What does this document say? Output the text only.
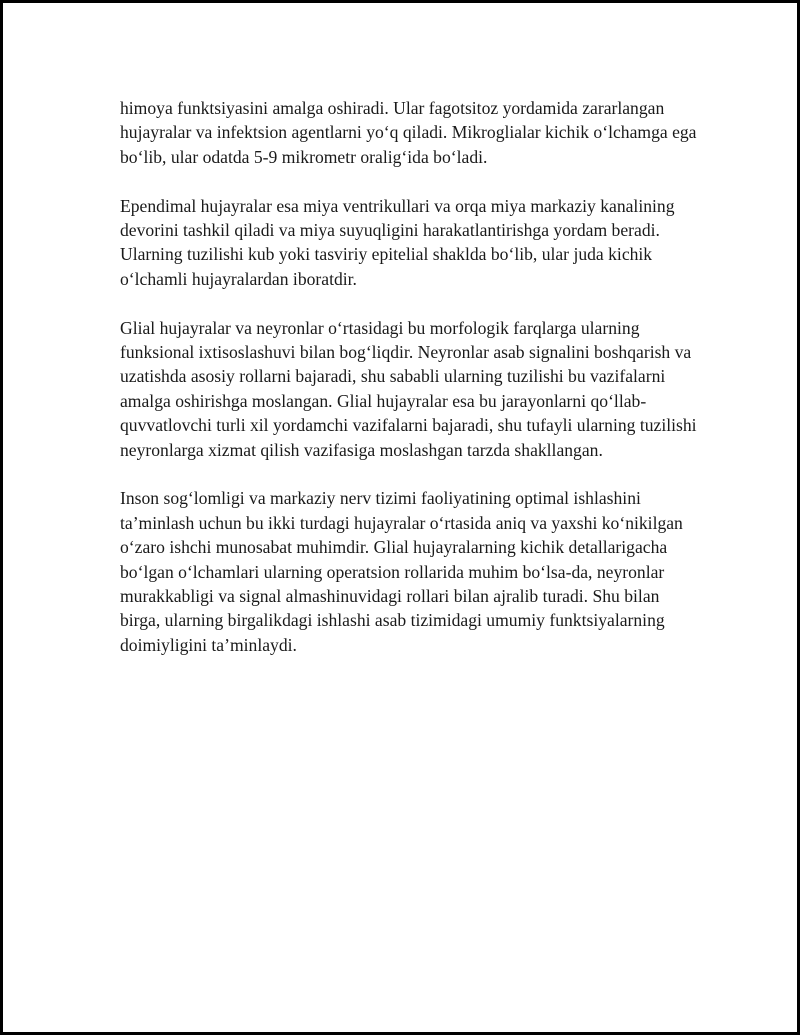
himoya funktsiyasini amalga oshiradi. Ular fagotsitoz yordamida zararlangan hujayralar va infektsion agentlarni yo‘q qiladi. Mikroglialar kichik o‘lchamga ega bo‘lib, ular odatda 5-9 mikrometr oralig‘ida bo‘ladi.

Ependimal hujayralar esa miya ventrikullari va orqa miya markaziy kanalining devorini tashkil qiladi va miya suyuqligini harakatlantirishga yordam beradi. Ularning tuzilishi kub yoki tasviriy epitelial shaklda bo‘lib, ular juda kichik o‘lchamli hujayralardan iboratdir.

Glial hujayralar va neyronlar o‘rtasidagi bu morfologik farqlarga ularning funksional ixtisoslashuvi bilan bog‘liqdir. Neyronlar asab signalini boshqarish va uzatishda asosiy rollarni bajaradi, shu sababli ularning tuzilishi bu vazifalarni amalga oshirishga moslangan. Glial hujayralar esa bu jarayonlarni qo‘llab-quvvatlovchi turli xil yordamchi vazifalarni bajaradi, shu tufayli ularning tuzilishi neyronlarga xizmat qilish vazifasiga moslashgan tarzda shakllangan.

Inson sog‘lomligi va markaziy nerv tizimi faoliyatining optimal ishlashini ta’minlash uchun bu ikki turdagi hujayralar o‘rtasida aniq va yaxshi ko‘nikilgan o‘zaro ishchi munosabat muhimdir. Glial hujayralarning kichik detallarigacha bo‘lgan o‘lchamlari ularning operatsion rollarida muhim bo‘lsa-da, neyronlar murakkabligi va signal almashinuvidagi rollari bilan ajralib turadi. Shu bilan birga, ularning birgalikdagi ishlashi asab tizimidagi umumiy funktsiyalarning doimiyligini ta’minlaydi.
